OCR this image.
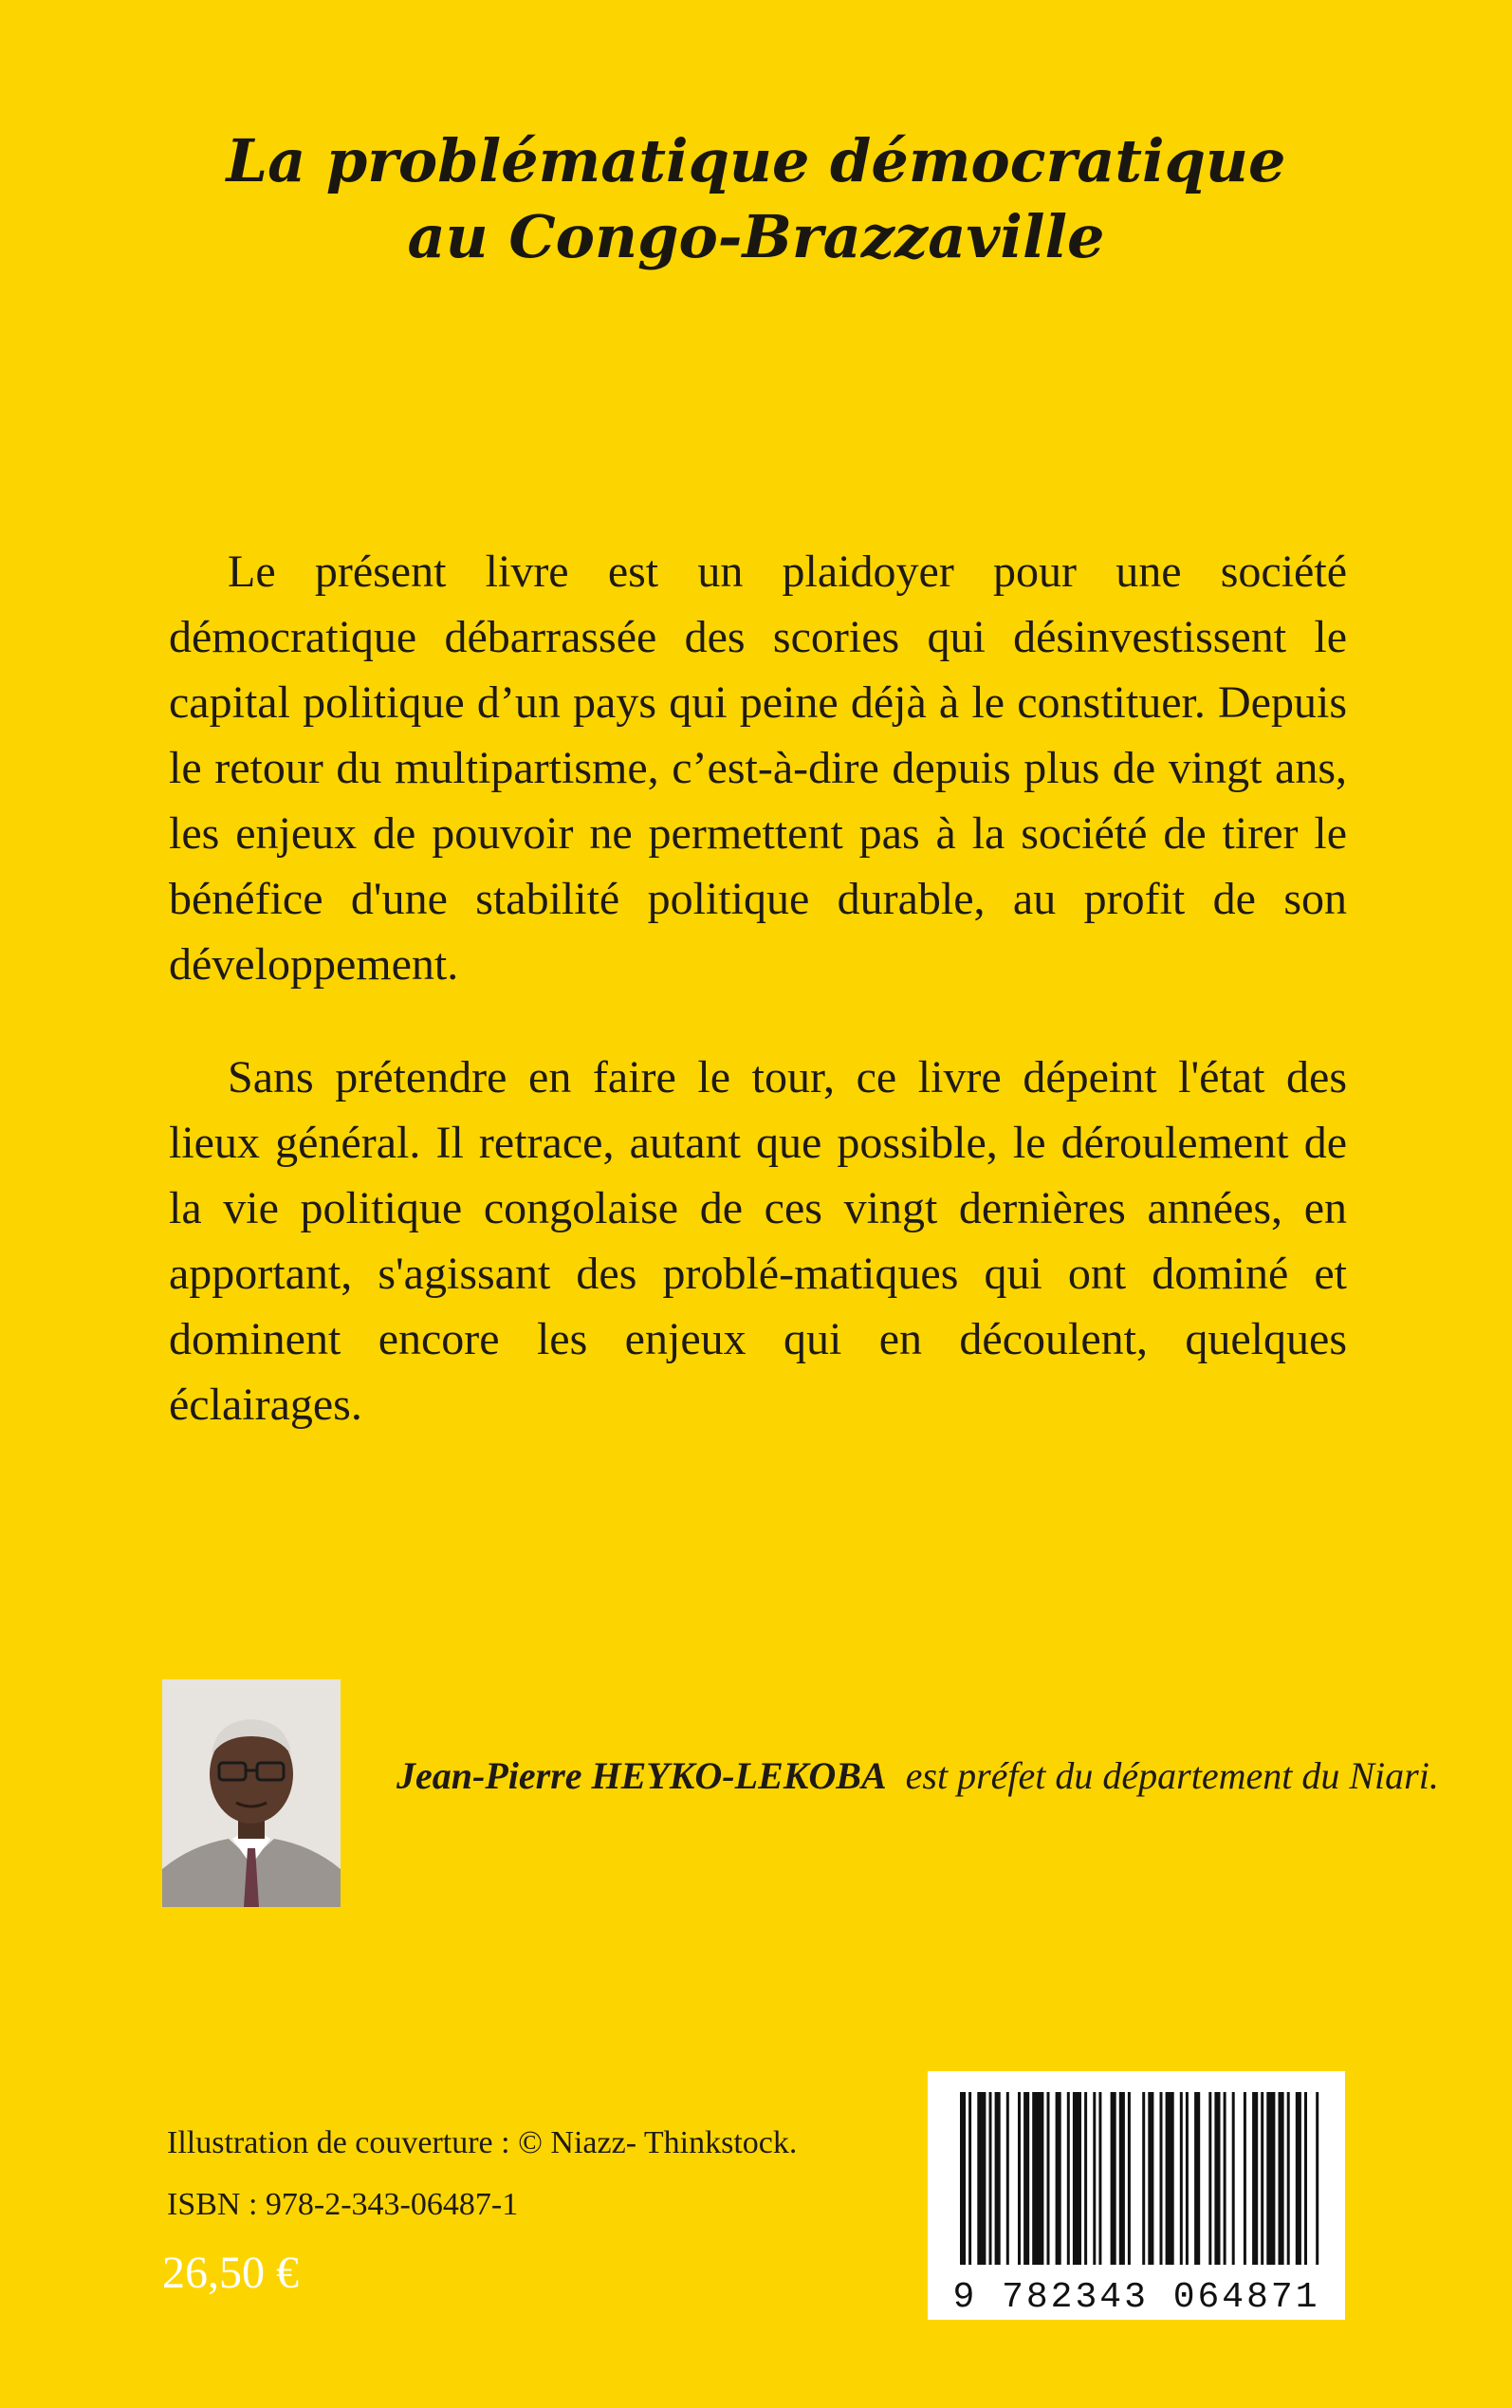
La problématique démocratique
au Congo-Brazzaville

Le présent livre est un plaidoyer pour une société démocratique débarrassée des scories qui désinvestissent le capital politique d’un pays qui peine déjà à le constituer. Depuis le retour du multipartisme, c’est-à-dire depuis plus de vingt ans, les enjeux de pouvoir ne permettent pas à la société de tirer le bénéfice d'une stabilité politique durable, au profit de son développement.

Sans prétendre en faire le tour, ce livre dépeint l'état des lieux général. Il retrace, autant que possible, le déroulement de la vie politique congolaise de ces vingt dernières années, en apportant, s'agissant des problé-matiques qui ont dominé et dominent encore les enjeux qui en découlent, quelques éclairages.

Jean-Pierre HEYKO-LEKOBA est préfet du département du Niari.
Illustration de couverture : © Niazz- Thinkstock.
ISBN : 978-2-343-06487-1
26,50 €	9 782343 064871
